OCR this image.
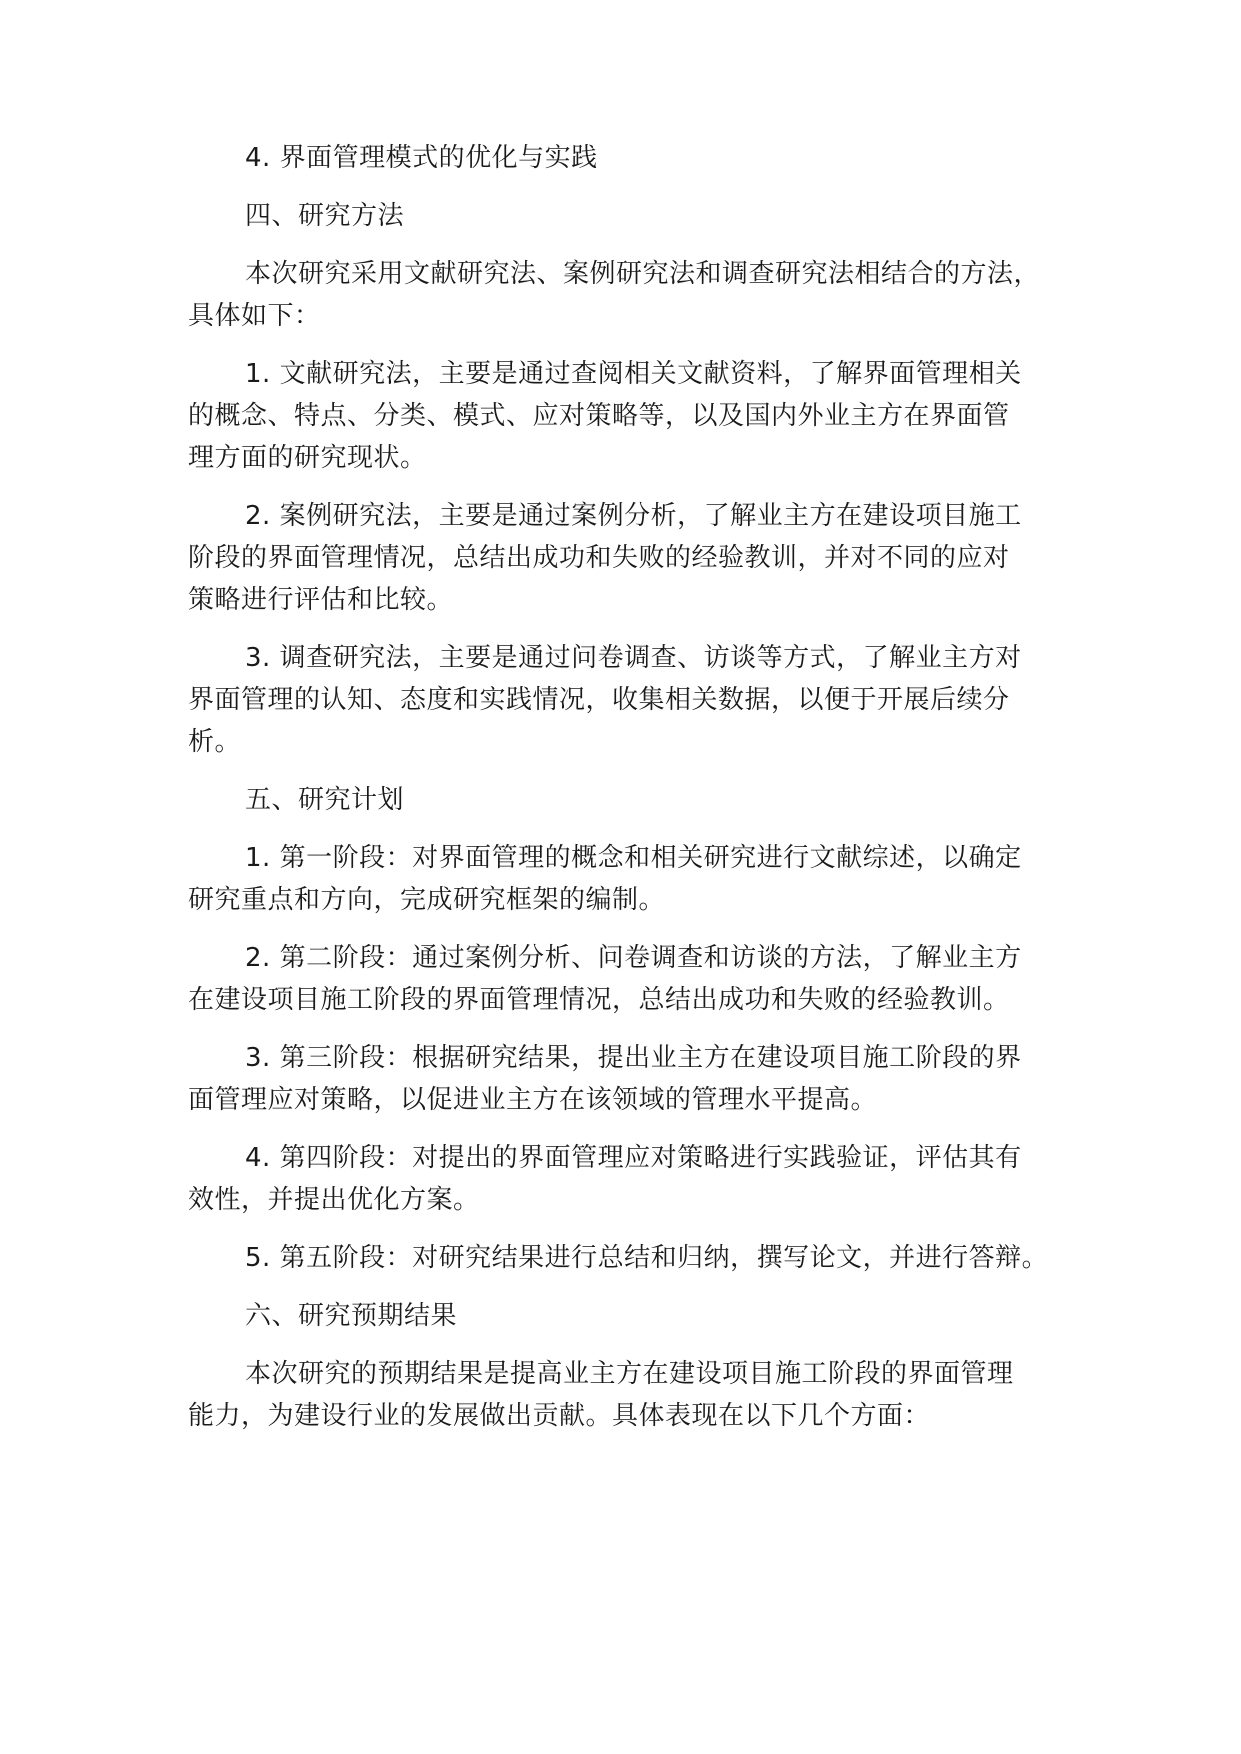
4. 界面管理模式的优化与实践
四、研究方法
本次研究采用文献研究法、案例研究法和调查研究法相结合的方法，
具体如下：
1. 文献研究法，主要是通过查阅相关文献资料，了解界面管理相关
的概念、特点、分类、模式、应对策略等，以及国内外业主方在界面管
理方面的研究现状。
2. 案例研究法，主要是通过案例分析，了解业主方在建设项目施工
阶段的界面管理情况，总结出成功和失败的经验教训，并对不同的应对
策略进行评估和比较。
3. 调查研究法，主要是通过问卷调查、访谈等方式，了解业主方对
界面管理的认知、态度和实践情况，收集相关数据，以便于开展后续分
析。
五、研究计划
1. 第一阶段：对界面管理的概念和相关研究进行文献综述，以确定
研究重点和方向，完成研究框架的编制。
2. 第二阶段：通过案例分析、问卷调查和访谈的方法，了解业主方
在建设项目施工阶段的界面管理情况，总结出成功和失败的经验教训。
3. 第三阶段：根据研究结果，提出业主方在建设项目施工阶段的界
面管理应对策略，以促进业主方在该领域的管理水平提高。
4. 第四阶段：对提出的界面管理应对策略进行实践验证，评估其有
效性，并提出优化方案。
5. 第五阶段：对研究结果进行总结和归纳，撰写论文，并进行答辩。
六、研究预期结果
本次研究的预期结果是提高业主方在建设项目施工阶段的界面管理
能力，为建设行业的发展做出贡献。具体表现在以下几个方面：
